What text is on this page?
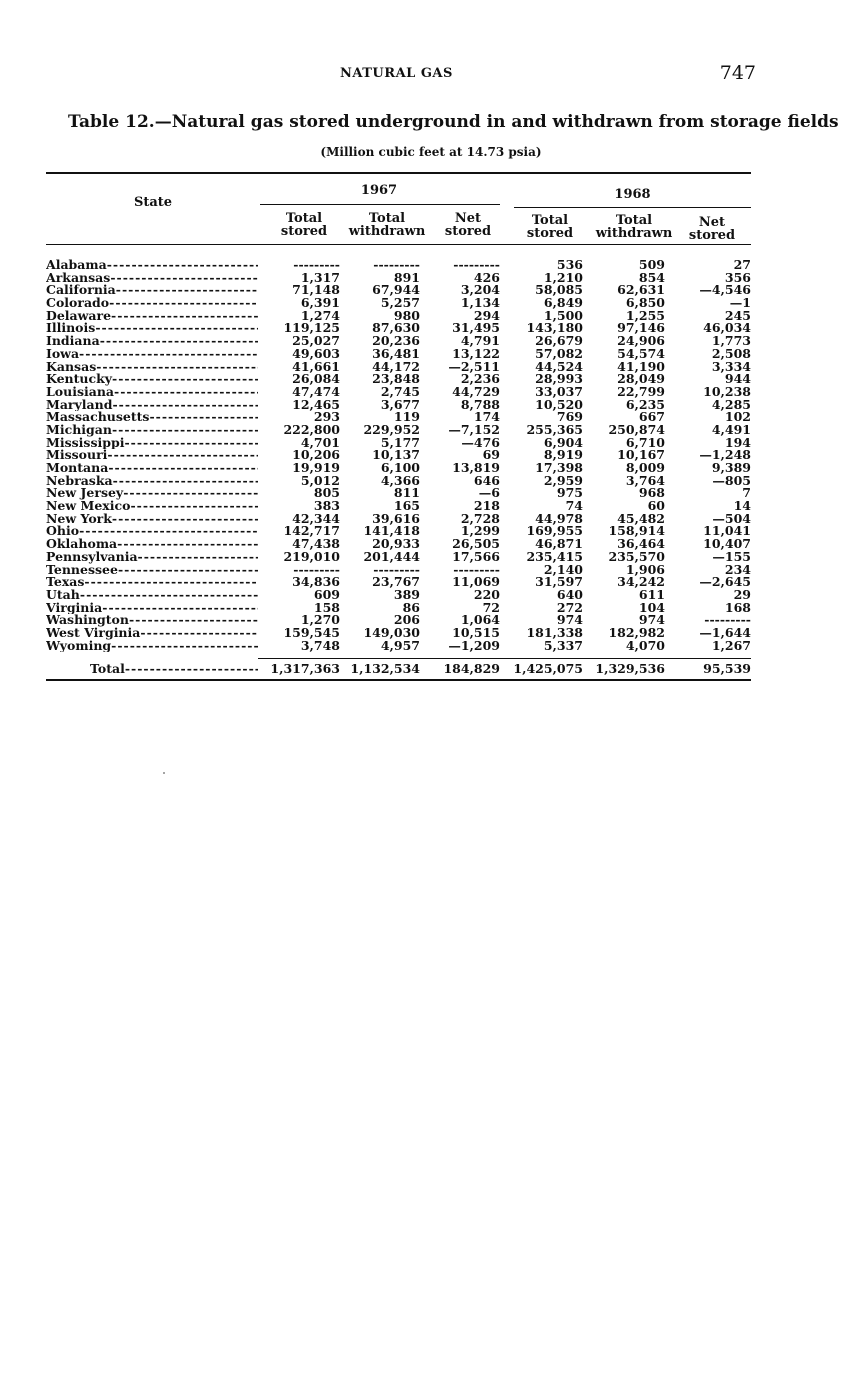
NATURAL GAS	747
Table 12.—Natural gas stored underground in and withdrawn from storage fields
(Million cubic feet at 14.73 psia)
State
1967	1968
Total
stored
Total
withdrawn
Net
stored
Total
stored
Total
withdrawn
Net
stored
Alabama -----	---------	---------	---------	536	509	27
Arkansas -----	1,317	891	426	1,210	854	356
California -----	71,148	67,944	3,204	58,085	62,631	—4,546
Colorado -----	6,391	5,257	1,134	6,849	6,850	—1
Delaware -----	1,274	980	294	1,500	1,255	245
Illinois -----	119,125	87,630	31,495	143,180	97,146	46,034
Indiana -----	25,027	20,236	4,791	26,679	24,906	1,773
Iowa -----	49,603	36,481	13,122	57,082	54,574	2,508
Kansas -----	41,661	44,172	—2,511	44,524	41,190	3,334
Kentucky -----	26,084	23,848	2,236	28,993	28,049	944
Louisiana -----	47,474	2,745	44,729	33,037	22,799	10,238
Maryland -----	12,465	3,677	8,788	10,520	6,235	4,285
Massachusetts -----	293	119	174	769	667	102
Michigan -----	222,800	229,952	—7,152	255,365	250,874	4,491
Mississippi -----	4,701	5,177	—476	6,904	6,710	194
Missouri -----	10,206	10,137	69	8,919	10,167	—1,248
Montana -----	19,919	6,100	13,819	17,398	8,009	9,389
Nebraska -----	5,012	4,366	646	2,959	3,764	—805
New Jersey -----	805	811	—6	975	968	7
New Mexico -----	383	165	218	74	60	14
New York -----	42,344	39,616	2,728	44,978	45,482	—504
Ohio -----	142,717	141,418	1,299	169,955	158,914	11,041
Oklahoma -----	47,438	20,933	26,505	46,871	36,464	10,407
Pennsylvania -----	219,010	201,444	17,566	235,415	235,570	—155
Tennessee -----	---------	---------	---------	2,140	1,906	234
Texas -----	34,836	23,767	11,069	31,597	34,242	—2,645
Utah -----	609	389	220	640	611	29
Virginia -----	158	86	72	272	104	168
Washington -----	1,270	206	1,064	974	974	---------
West Virginia -----	159,545	149,030	10,515	181,338	182,982	—1,644
Wyoming -----	3,748	4,957	—1,209	5,337	4,070	1,267
Total -----	1,317,363 1,132,534	184,829	1,425,075 1,329,536	95,539
